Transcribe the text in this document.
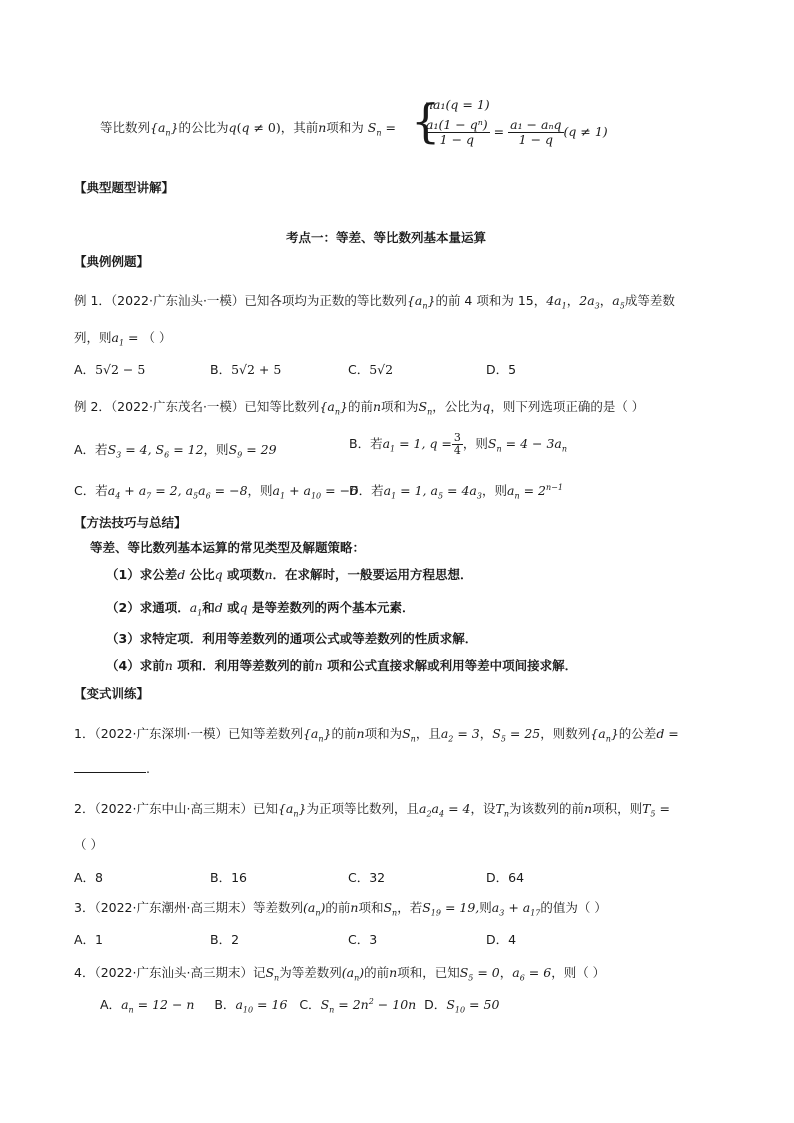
等比数列$\{a_n\}$的公比为q(q ≠ 0)，其前n项和为 $S_n$ = {
na₁(q = 1)
$\frac{\text{a₁(1 − qⁿ)}}{1 - q} = \frac{\text{a₁ − aₙq}}{1 - q} (q \ne 1)$
【典型题型讲解】
考点一：等差、等比数列基本量运算
【典例例题】
例 1．（2022·广东汕头·一模）已知各项均为正数的等比数列$\{a_n\}$的前 4 项和为 15，$4a_1$，$2a_3$，$a_5$成等差数
列，则$a_1$ = （ ）
A．5√2 − 5	B．5√2 + 5	C．5√2	D．5
例 2．（2022·广东茂名·一模）已知等比数列$\{a_n\}$的前n项和为$S_n$，公比为q，则下列选项正确的是（ ）
A．若$S_3 = 4$, $S_6 = 12$，则$S_9 = 29$	B．若$a_1 = 1$, $q = \frac{3}{4}$ ，则$S_n = 4 - 3a_n$
C．若$a_4 + a_7 = 2$, $a_5a_6 = -8$，则$a_1 + a_{10} = -6$
D．若$a_1 = 1$, $a_5 = 4a_3$，则$a_n = 2^{n-1}$
【方法技巧与总结】
等差、等比数列基本运算的常见类型及解题策略：
（1）求公差d 公比q 或项数n．在求解时，一般要运用方程思想．
（2）求通项．$a_1$和d 或q 是等差数列的两个基本元素．
（3）求特定项．利用等差数列的通项公式或等差数列的性质求解．
（4）求前n 项和．利用等差数列的前n 项和公式直接求解或利用等差中项间接求解．
【变式训练】
1．（2022·广东深圳·一模）已知等差数列$\{a_n\}$的前n项和为$S_n$，且$a_2 = 3$，$S_5 = 25$，则数列$\{a_n\}$的公差d =
.
2．（2022·广东中山·高三期末）已知$\{a_n\}$为正项等比数列，且$a_2a_4 = 4$，设$T_n$为该数列的前n项积，则$T_5$ =
（ ）
A．8	B．16	C．32	D．64
3．（2022·广东潮州·高三期末）等差数列$(a_n)$的前n项和$S_n$，若$S_{19} = 19$,则$a_3 + a_{17}$的值为（ ）
A．1	B．2	C．3	D．4
4．（2022·广东汕头·高三期末）记$S_n$为等差数列$(a_n)$的前n项和，已知$S_5 = 0$，$a_6 = 6$，则（ ）
A．$a_n = 12 - n$ B．$a_{10} = 16$ C．$S_n = 2n^2 - 10n$ D．$S_{10} = 50$
